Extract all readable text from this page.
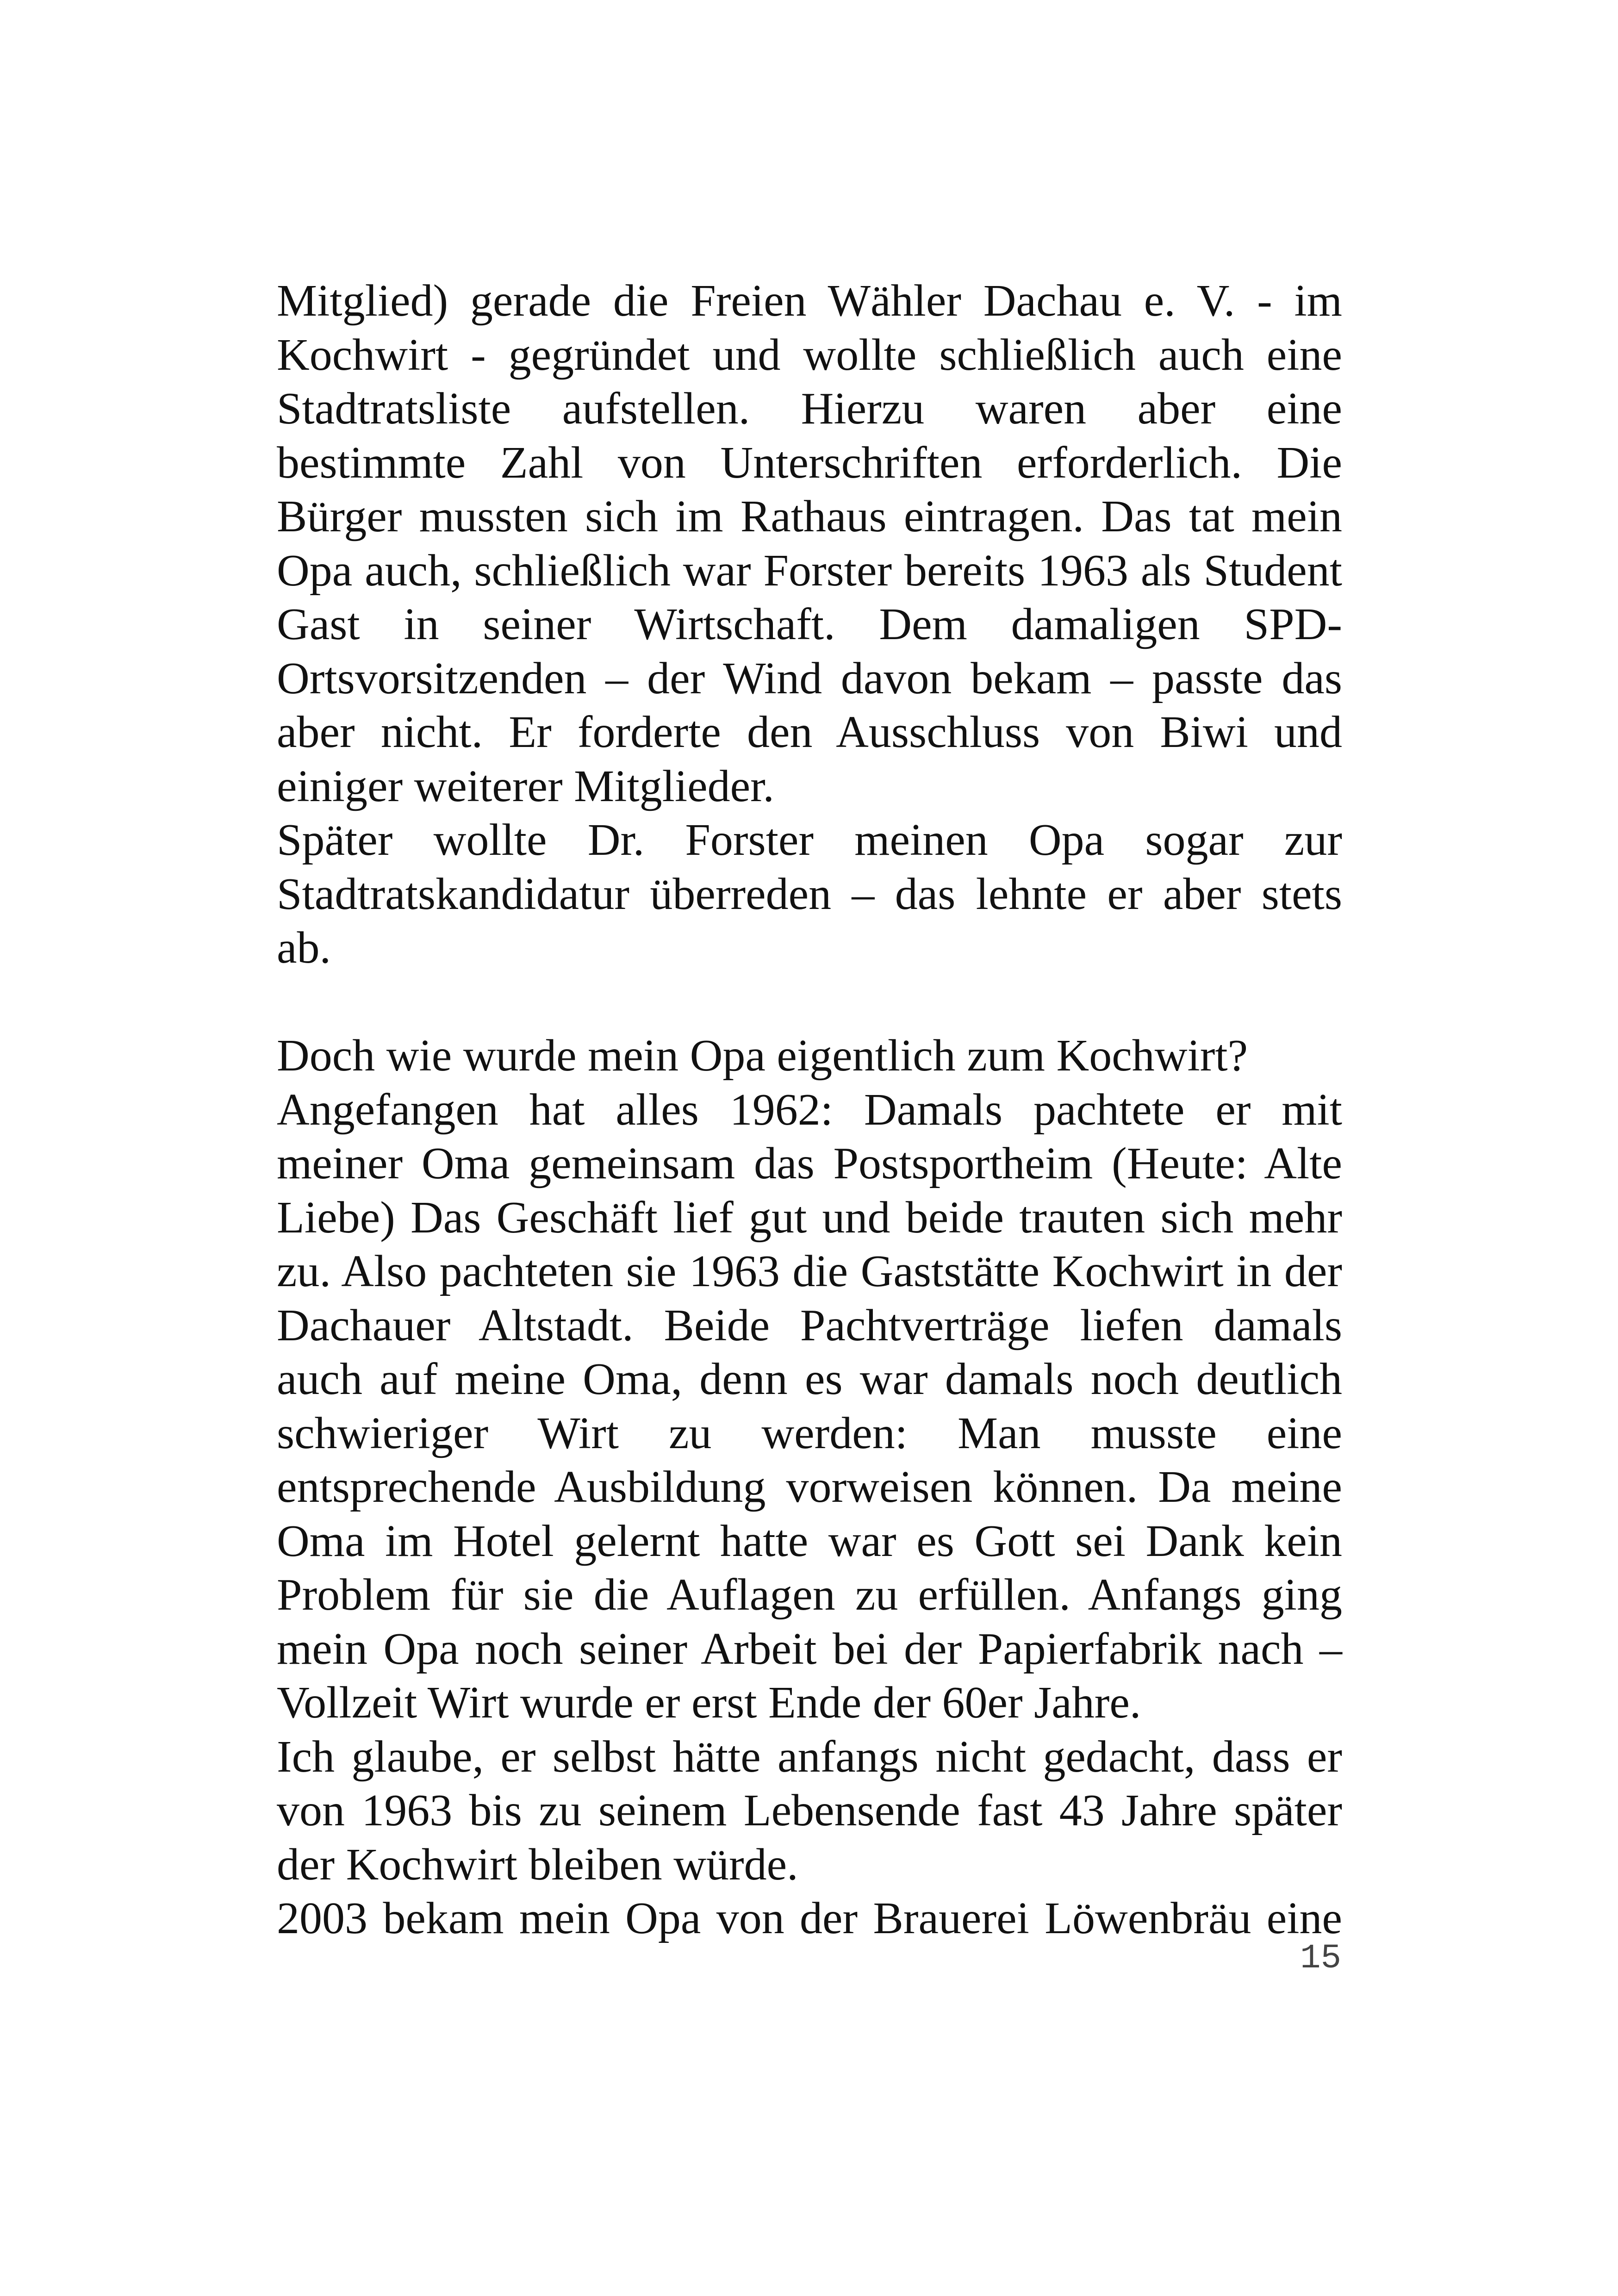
Mitglied) gerade die Freien Wähler Dachau e. V. - im
Kochwirt - gegründet und wollte schließlich auch eine
Stadtratsliste aufstellen. Hierzu waren aber eine
bestimmte Zahl von Unterschriften erforderlich. Die
Bürger mussten sich im Rathaus eintragen. Das tat mein
Opa auch, schließlich war Forster bereits 1963 als Student
Gast in seiner Wirtschaft. Dem damaligen SPD-
Ortsvorsitzenden – der Wind davon bekam – passte das
aber nicht. Er forderte den Ausschluss von Biwi und
einiger weiterer Mitglieder.
Später wollte Dr. Forster meinen Opa sogar zur
Stadtratskandidatur überreden – das lehnte er aber stets
ab.
Doch wie wurde mein Opa eigentlich zum Kochwirt?
Angefangen hat alles 1962: Damals pachtete er mit
meiner Oma gemeinsam das Postsportheim (Heute: Alte
Liebe) Das Geschäft lief gut und beide trauten sich mehr
zu. Also pachteten sie 1963 die Gaststätte Kochwirt in der
Dachauer Altstadt. Beide Pachtverträge liefen damals
auch auf meine Oma, denn es war damals noch deutlich
schwieriger Wirt zu werden: Man musste eine
entsprechende Ausbildung vorweisen können. Da meine
Oma im Hotel gelernt hatte war es Gott sei Dank kein
Problem für sie die Auflagen zu erfüllen. Anfangs ging
mein Opa noch seiner Arbeit bei der Papierfabrik nach –
Vollzeit Wirt wurde er erst Ende der 60er Jahre.
Ich glaube, er selbst hätte anfangs nicht gedacht, dass er
von 1963 bis zu seinem Lebensende fast 43 Jahre später
der Kochwirt bleiben würde.
2003 bekam mein Opa von der Brauerei Löwenbräu eine
15
